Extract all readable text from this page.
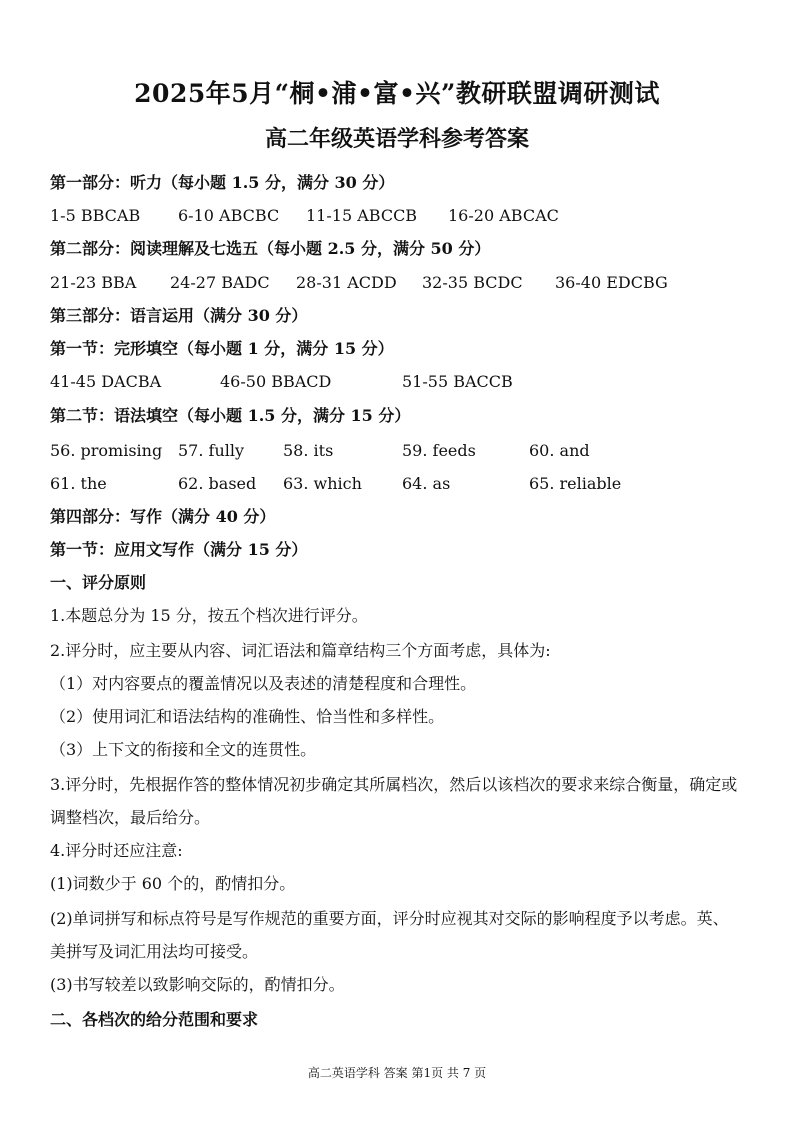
2025年5月“桐•浦•富•兴”教研联盟调研测试
高二年级英语学科参考答案
第一部分：听力（每小题 1.5 分，满分 30 分）
1-5 BBCAB 6-10 ABCBC 11-15 ABCCB 16-20 ABCAC
第二部分：阅读理解及七选五（每小题 2.5 分，满分 50 分）
21-23 BBA 24-27 BADC 28-31 ACDD 32-35 BCDC 36-40 EDCBG
第三部分：语言运用（满分 30 分）
第一节：完形填空（每小题 1 分，满分 15 分）
41-45 DACBA	46-50 BBACD	51-55 BACCB
第二节：语法填空（每小题 1.5 分，满分 15 分）
56. promising 57. fully 58. its	59. feeds	60. and
61. the	62. based 63. which	64. as	65. reliable
第四部分：写作（满分 40 分）
第一节：应用文写作（满分 15 分）
一、评分原则
1.本题总分为 15 分，按五个档次进行评分。
2.评分时，应主要从内容、词汇语法和篇章结构三个方面考虑，具体为:
（1）对内容要点的覆盖情况以及表述的清楚程度和合理性。
（2）使用词汇和语法结构的准确性、恰当性和多样性。
（3）上下文的衔接和全文的连贯性。
3.评分时，先根据作答的整体情况初步确定其所属档次，然后以该档次的要求来综合衡量，确定或调整档次，最后给分。
4.评分时还应注意:
(1)词数少于 60 个的，酌情扣分。
(2)单词拼写和标点符号是写作规范的重要方面，评分时应视其对交际的影响程度予以考虑。英、美拼写及词汇用法均可接受。
(3)书写较差以致影响交际的，酌情扣分。
二、各档次的给分范围和要求
高二英语学科 答案 第1页 共 7 页
